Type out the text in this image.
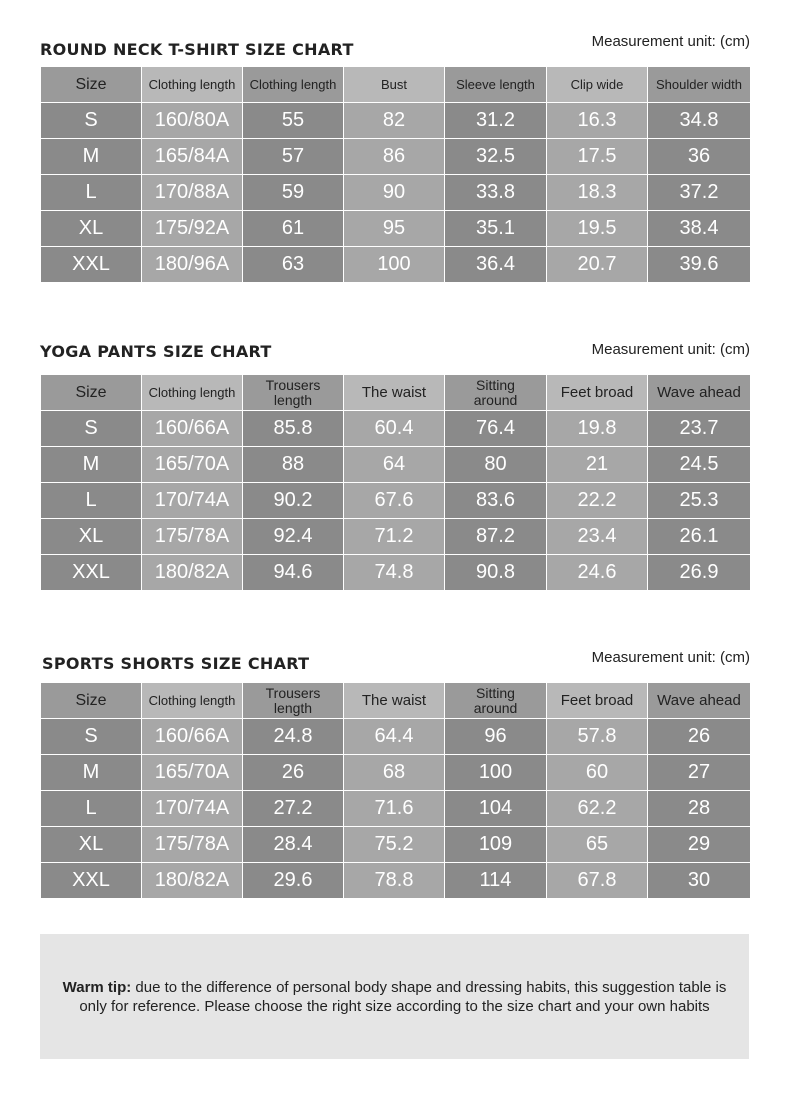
ROUND NECK T-SHIRT SIZE CHART	Measurement unit: (cm)
Size	Clothing length	Clothing length	Bust	Sleeve length	Clip wide	Shoulder width
S	160/80A	55	82	31.2	16.3	34.8
M	165/84A	57	86	32.5	17.5	36
L	170/88A	59	90	33.8	18.3	37.2
XL	175/92A	61	95	35.1	19.5	38.4
XXL	180/96A	63	100	36.4	20.7	39.6
YOGA PANTS SIZE CHART	Measurement unit: (cm)
Size	Clothing length	Trousers length	The waist	Sitting around	Feet broad	Wave ahead
S	160/66A	85.8	60.4	76.4	19.8	23.7
M	165/70A	88	64	80	21	24.5
L	170/74A	90.2	67.6	83.6	22.2	25.3
XL	175/78A	92.4	71.2	87.2	23.4	26.1
XXL	180/82A	94.6	74.8	90.8	24.6	26.9
SPORTS SHORTS SIZE CHART	Measurement unit: (cm)
Size	Clothing length	Trousers length	The waist	Sitting around	Feet broad	Wave ahead
S	160/66A	24.8	64.4	96	57.8	26
M	165/70A	26	68	100	60	27
L	170/74A	27.2	71.6	104	62.2	28
XL	175/78A	28.4	75.2	109	65	29
XXL	180/82A	29.6	78.8	114	67.8	30
Warm tip: due to the difference of personal body shape and dressing habits, this suggestion table is only for reference. Please choose the right size according to the size chart and your own habits
